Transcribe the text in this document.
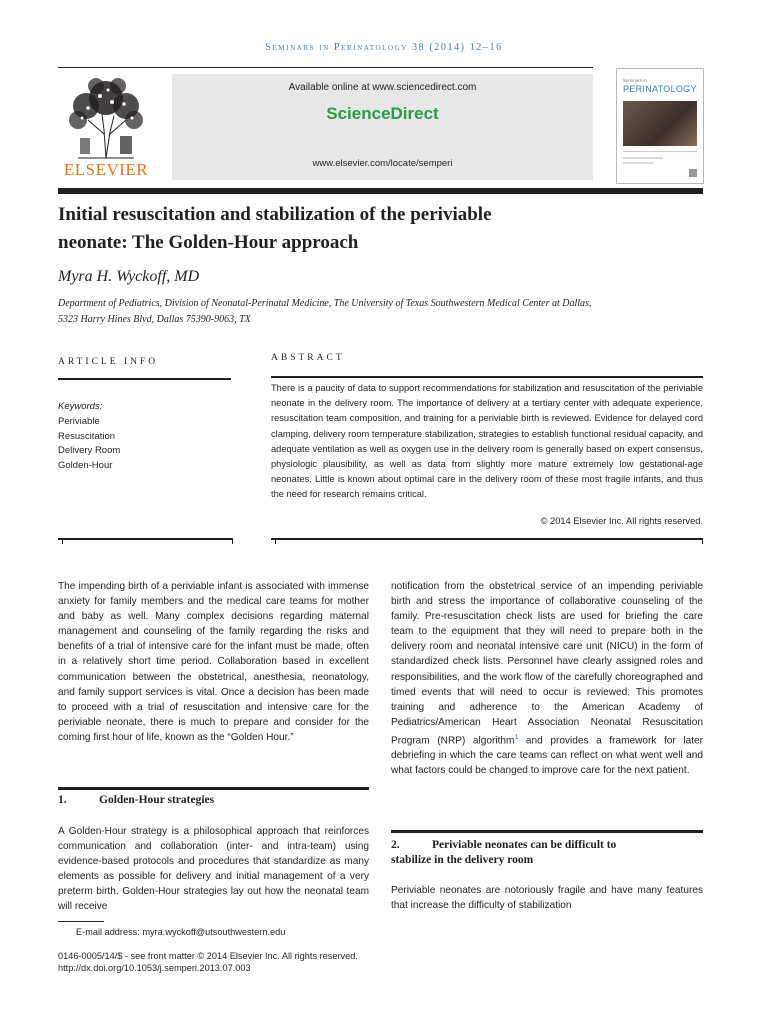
Seminars in Perinatology 38 (2014) 12–16
ELSEVIER
Available online at www.sciencedirect.com
ScienceDirect
www.elsevier.com/locate/semperi
Seminars in
PERINATOLOGY
Initial resuscitation and stabilization of the periviable
neonate: The Golden-Hour approach
Myra H. Wyckoff, MD
Department of Pediatrics, Division of Neonatal-Perinatal Medicine, The University of Texas Southwestern Medical Center at Dallas,
5323 Harry Hines Blvd, Dallas 75390-9063, TX
ARTICLE INFO	ABSTRACT
Keywords:
Periviable
Resuscitation
Delivery Room
Golden-Hour
There is a paucity of data to support recommendations for stabilization and resuscitation of the periviable neonate in the delivery room. The importance of delivery at a tertiary center with adequate experience, resuscitation team composition, and training for a periviable birth is reviewed. Evidence for delayed cord clamping, delivery room temperature stabilization, strategies to establish functional residual capacity, and adequate ventilation as well as oxygen use in the delivery room is generally based on expert consensus, physiologic plausibility, as well as data from slightly more mature extremely low gestational-age neonates. Little is known about optimal care in the delivery room of these most fragile infants, and thus the need for research remains critical.
© 2014 Elsevier Inc. All rights reserved.
The impending birth of a periviable infant is associated with immense anxiety for family members and the medical care teams for mother and baby as well. Many complex decisions regarding maternal management and counseling of the family regarding the risks and benefits of a trial of intensive care for the infant must be made, often in a relatively short time period. Collaboration based in excellent communication between the obstetrical, anesthesia, neonatology, and family support services is vital. Once a decision has been made to proceed with a trial of resuscitation and intensive care for the periviable neonate, there is much to prepare and consider for the coming first hour of life, known as the “Golden Hour.”
1.	Golden-Hour strategies
A Golden-Hour strategy is a philosophical approach that reinforces communication and collaboration (inter- and intra-team) using evidence-based protocols and procedures that standardize as many elements as possible for delivery and initial management of a very preterm birth. Golden-Hour strategies lay out how the neonatal team will receive
notification from the obstetrical service of an impending periviable birth and stress the importance of collaborative counseling of the family. Pre-resuscitation check lists are used for briefing the care team to the equipment that they will need to prepare both in the delivery room and neonatal intensive care unit (NICU) in the form of standardized check lists. Personnel have clearly assigned roles and responsibilities, and the work flow of the carefully choreographed and timed events that will need to occur is reviewed. This promotes training and adherence to the American Academy of Pediatrics/American Heart Association Neonatal Resuscitation Program (NRP) algorithm$^1$ and provides a framework for later debriefing in which the care teams can reflect on what went well and what factors could be changed to improve care for the next patient.
2.	Periviable neonates can be difficult to
stabilize in the delivery room
Periviable neonates are notoriously fragile and have many features that increase the difficulty of stabilization
E-mail address: myra.wyckoff@utsouthwestern.edu
0146-0005/14/$ - see front matter © 2014 Elsevier Inc. All rights reserved.
http://dx.doi.org/10.1053/j.semperi.2013.07.003
